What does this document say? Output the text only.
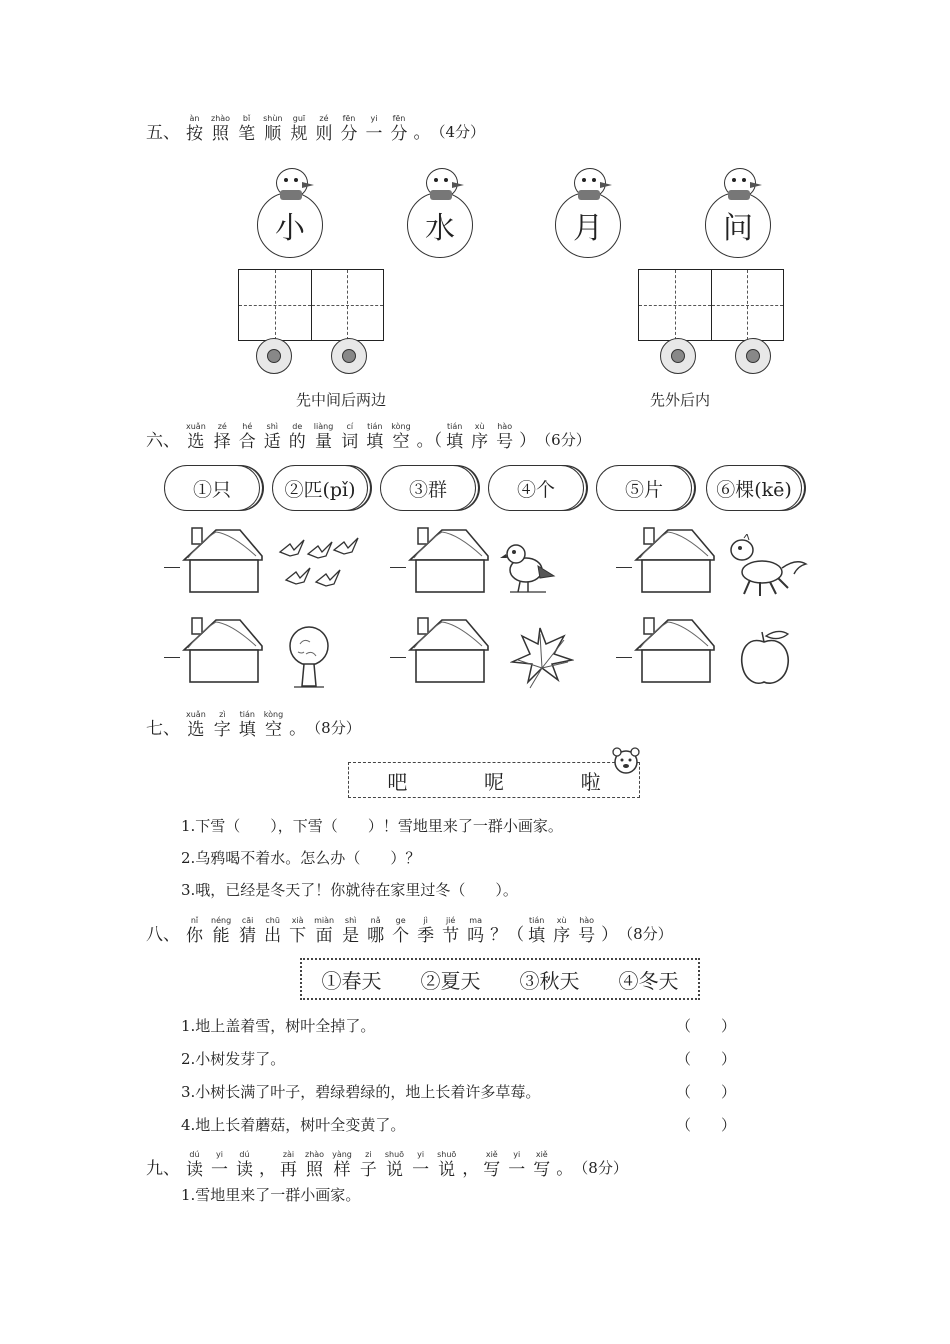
五、
àn
按
zhào
照
bǐ
笔
shùn
顺
guī
规
zé
则
fēn
分
yi
一
fēn
分 。 （4分）
小	水	月	问
先中间后两边	先外后内
六、
xuǎn
选
zé
择
hé
合
shì
适
de
的
liàng
量
cí
词
tián
填
kòng
空 。（
tián
填
xù
序
hào
号 ） （6分）
①只	②匹(pǐ)	③群	④个	⑤片	⑥棵(kē)
七、
xuǎn
选
zì
字
tián
填
kòng
空 。 （8分）
吧	呢	啦
1.下雪（　　），下雪（　　）！雪地里来了一群小画家。
2.乌鸦喝不着水。怎么办（　　）？
3.哦，已经是冬天了！你就待在家里过冬（　　）。
八、
nǐ
你
néng
能
cāi
猜
chū
出
xià
下
miàn
面
shì
是
nǎ
哪
ge
个
jì
季
jié
节
ma
吗 ？（
tián
填
xù
序
hào
号 ） （8分）
①春天 ②夏天 ③秋天 ④冬天
1.地上盖着雪，树叶全掉了。	（　　）
2.小树发芽了。	（　　）
3.小树长满了叶子，碧绿碧绿的，地上长着许多草莓。	（　　）
4.地上长着蘑菇，树叶全变黄了。	（　　）
九、
dú
读
yi
一
dú
读 ，
zài
再
zhào
照
yàng
样
zi
子
shuō
说
yi
一
shuō
说 ，
xiě
写
yi
一
xiě
写 。 （8分）
1.雪地里来了一群小画家。
